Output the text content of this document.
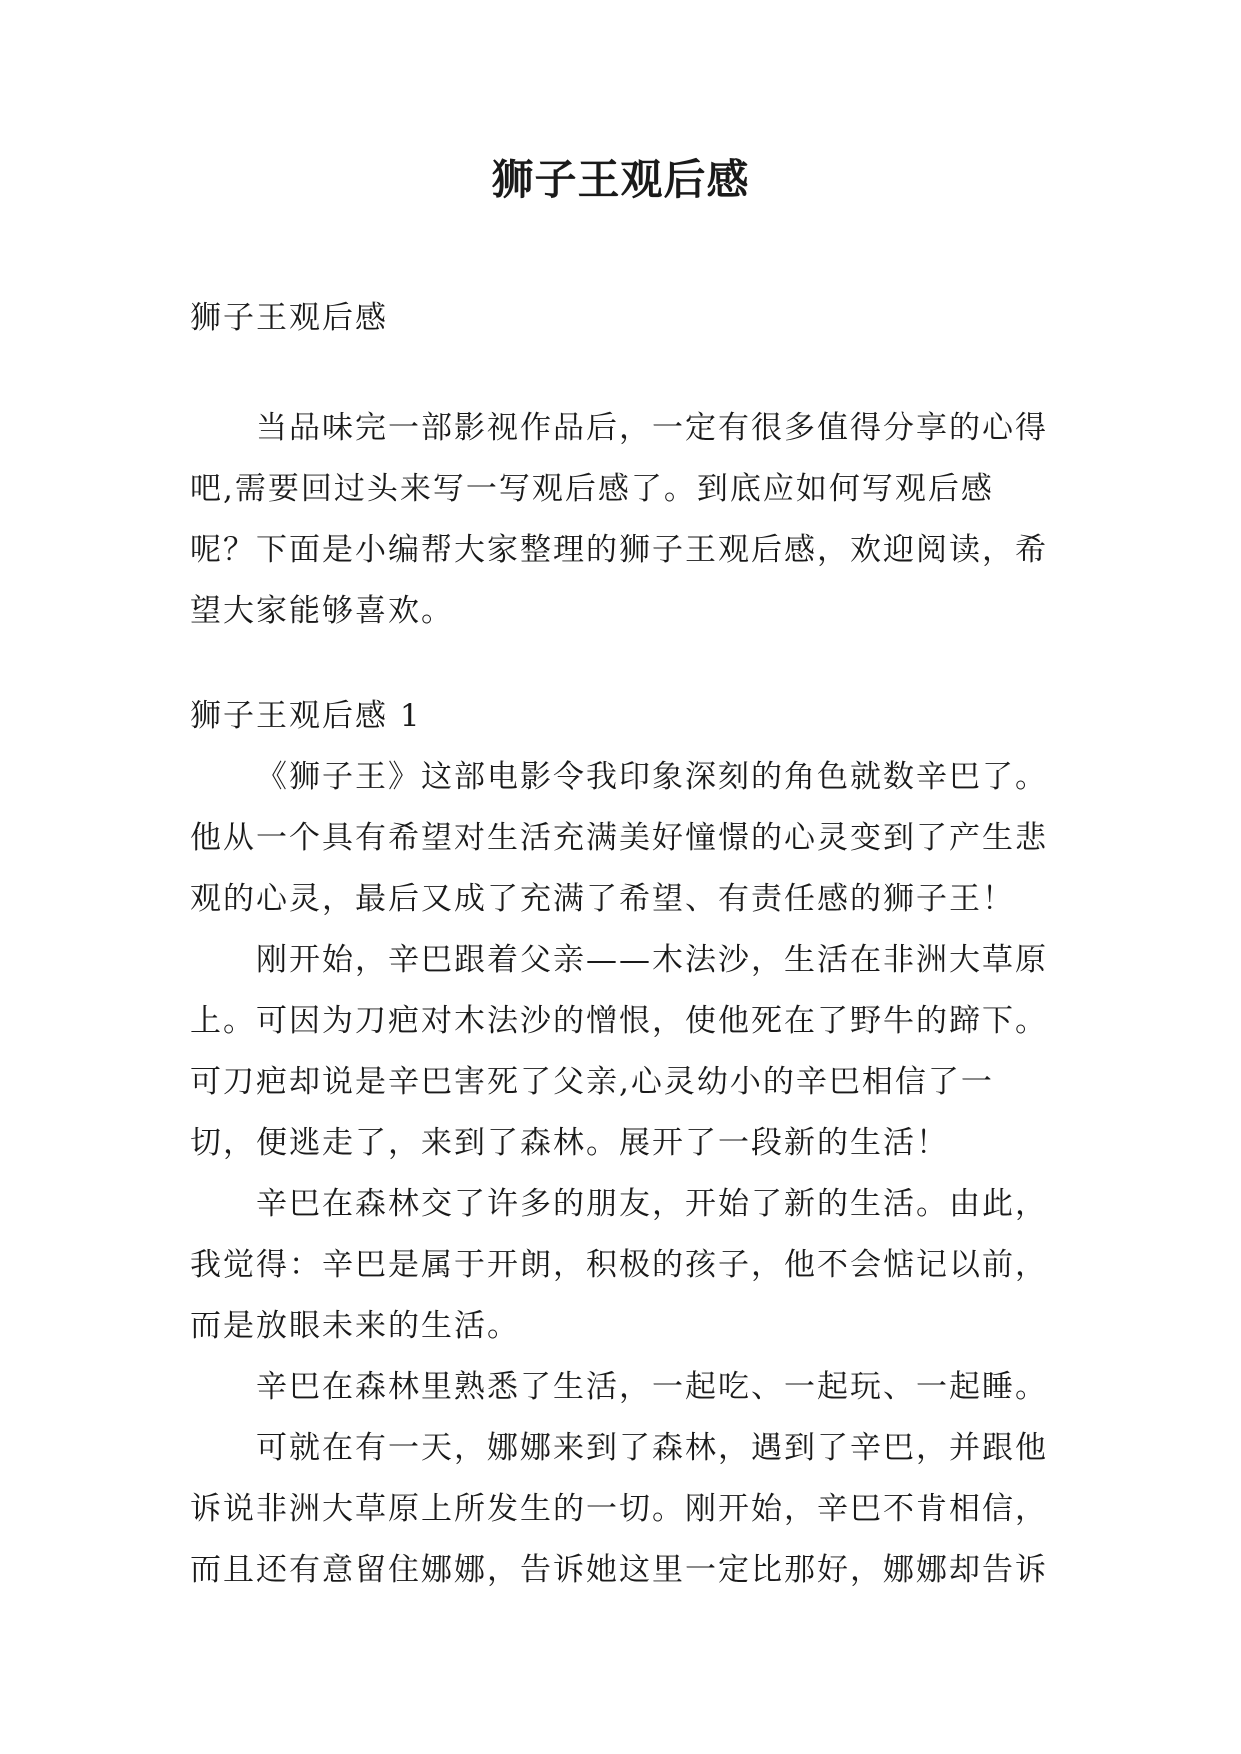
狮子王观后感
狮子王观后感

当品味完一部影视作品后，一定有很多值得分享的心得吧,需要回过头来写一写观后感了。到底应如何写观后感呢？下面是小编帮大家整理的狮子王观后感，欢迎阅读，希望大家能够喜欢。

狮子王观后感 1

《狮子王》这部电影令我印象深刻的角色就数辛巴了。他从一个具有希望对生活充满美好憧憬的心灵变到了产生悲观的心灵，最后又成了充满了希望、有责任感的狮子王！

刚开始，辛巴跟着父亲——木法沙，生活在非洲大草原上。可因为刀疤对木法沙的憎恨，使他死在了野牛的蹄下。可刀疤却说是辛巴害死了父亲,心灵幼小的辛巴相信了一切，便逃走了，来到了森林。展开了一段新的生活！

辛巴在森林交了许多的朋友，开始了新的生活。由此，我觉得：辛巴是属于开朗，积极的孩子，他不会惦记以前，而是放眼未来的生活。

辛巴在森林里熟悉了生活，一起吃、一起玩、一起睡。

可就在有一天，娜娜来到了森林，遇到了辛巴，并跟他诉说非洲大草原上所发生的一切。刚开始，辛巴不肯相信，而且还有意留住娜娜，告诉她这里一定比那好，娜娜却告诉
